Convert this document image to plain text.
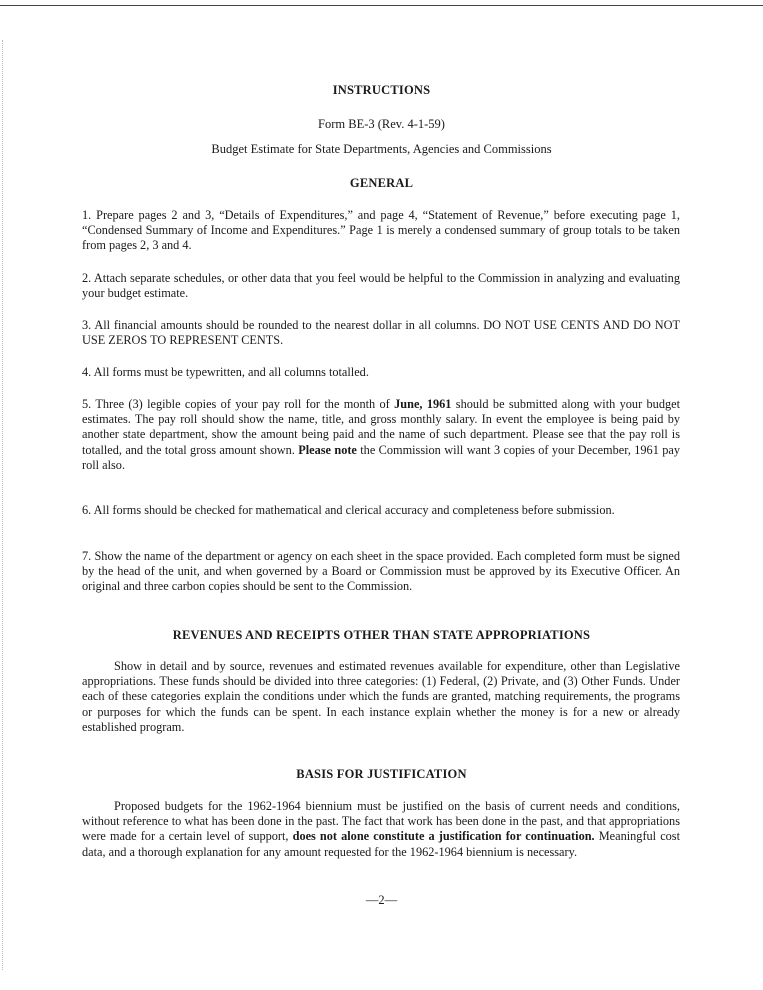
INSTRUCTIONS
Form BE-3 (Rev. 4-1-59)
Budget Estimate for State Departments, Agencies and Commissions
GENERAL
1. Prepare pages 2 and 3, “Details of Expenditures,” and page 4, “Statement of Revenue,” before executing page 1, “Condensed Summary of Income and Expenditures.” Page 1 is merely a condensed summary of group totals to be taken from pages 2, 3 and 4.
2. Attach separate schedules, or other data that you feel would be helpful to the Commission in analyzing and evaluating your budget estimate.
3. All financial amounts should be rounded to the nearest dollar in all columns. DO NOT USE CENTS AND DO NOT USE ZEROS TO REPRESENT CENTS.
4. All forms must be typewritten, and all columns totalled.
5. Three (3) legible copies of your pay roll for the month of June, 1961 should be submitted along with your budget estimates. The pay roll should show the name, title, and gross monthly salary. In event the employee is being paid by another state department, show the amount being paid and the name of such department. Please see that the pay roll is totalled, and the total gross amount shown. Please note the Commission will want 3 copies of your December, 1961 pay roll also.
6. All forms should be checked for mathematical and clerical accuracy and completeness before submission.
7. Show the name of the department or agency on each sheet in the space provided. Each completed form must be signed by the head of the unit, and when governed by a Board or Commission must be approved by its Executive Officer. An original and three carbon copies should be sent to the Commission.
REVENUES AND RECEIPTS OTHER THAN STATE APPROPRIATIONS
Show in detail and by source, revenues and estimated revenues available for expenditure, other than Legislative appropriations. These funds should be divided into three categories: (1) Federal, (2) Private, and (3) Other Funds. Under each of these categories explain the conditions under which the funds are granted, matching requirements, the programs or purposes for which the funds can be spent. In each instance explain whether the money is for a new or already established program.
BASIS FOR JUSTIFICATION
Proposed budgets for the 1962-1964 biennium must be justified on the basis of current needs and conditions, without reference to what has been done in the past. The fact that work has been done in the past, and that appropriations were made for a certain level of support, does not alone constitute a justification for continuation. Meaningful cost data, and a thorough explanation for any amount requested for the 1962-1964 biennium is necessary.
—2—
